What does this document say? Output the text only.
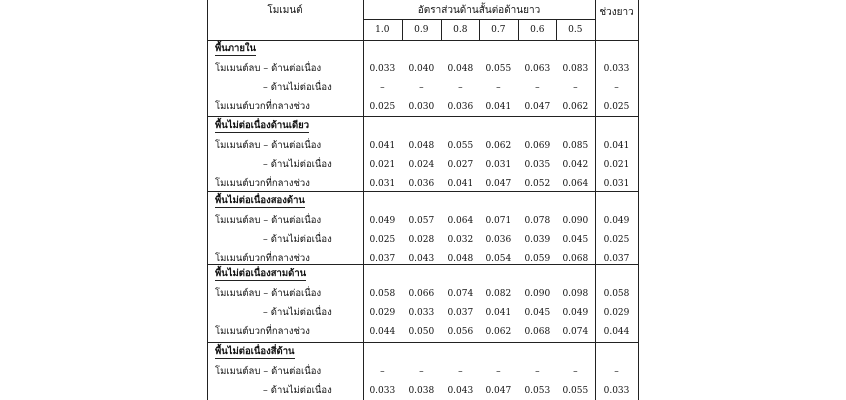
โมเมนต์	อัตราส่วนด้านสั้นต่อด้านยาว	ช่วงยาว
1.0	0.9	0.8	0.7	0.6	0.5
พื้นภายใน
โมเมนต์ลบ – ด้านต่อเนื่อง	0.033	0.040	0.048	0.055	0.063	0.083	0.033
– ด้านไม่ต่อเนื่อง	–	–	–	–	–	–	–
โมเมนต์บวกที่กลางช่วง	0.025	0.030	0.036	0.041	0.047	0.062	0.025
พื้นไม่ต่อเนื่องด้านเดียว
โมเมนต์ลบ – ด้านต่อเนื่อง	0.041	0.048	0.055	0.062	0.069	0.085	0.041
– ด้านไม่ต่อเนื่อง	0.021	0.024	0.027	0.031	0.035	0.042	0.021
โมเมนต์บวกที่กลางช่วง	0.031	0.036	0.041	0.047	0.052	0.064	0.031
พื้นไม่ต่อเนื่องสองด้าน
โมเมนต์ลบ – ด้านต่อเนื่อง	0.049	0.057	0.064	0.071	0.078	0.090	0.049
– ด้านไม่ต่อเนื่อง	0.025	0.028	0.032	0.036	0.039	0.045	0.025
โมเมนต์บวกที่กลางช่วง	0.037	0.043	0.048	0.054	0.059	0.068	0.037
พื้นไม่ต่อเนื่องสามด้าน
โมเมนต์ลบ – ด้านต่อเนื่อง	0.058	0.066	0.074	0.082	0.090	0.098	0.058
– ด้านไม่ต่อเนื่อง	0.029	0.033	0.037	0.041	0.045	0.049	0.029
โมเมนต์บวกที่กลางช่วง	0.044	0.050	0.056	0.062	0.068	0.074	0.044
พื้นไม่ต่อเนื่องสี่ด้าน
โมเมนต์ลบ – ด้านต่อเนื่อง	–	–	–	–	–	–	–
– ด้านไม่ต่อเนื่อง	0.033	0.038	0.043	0.047	0.053	0.055	0.033
